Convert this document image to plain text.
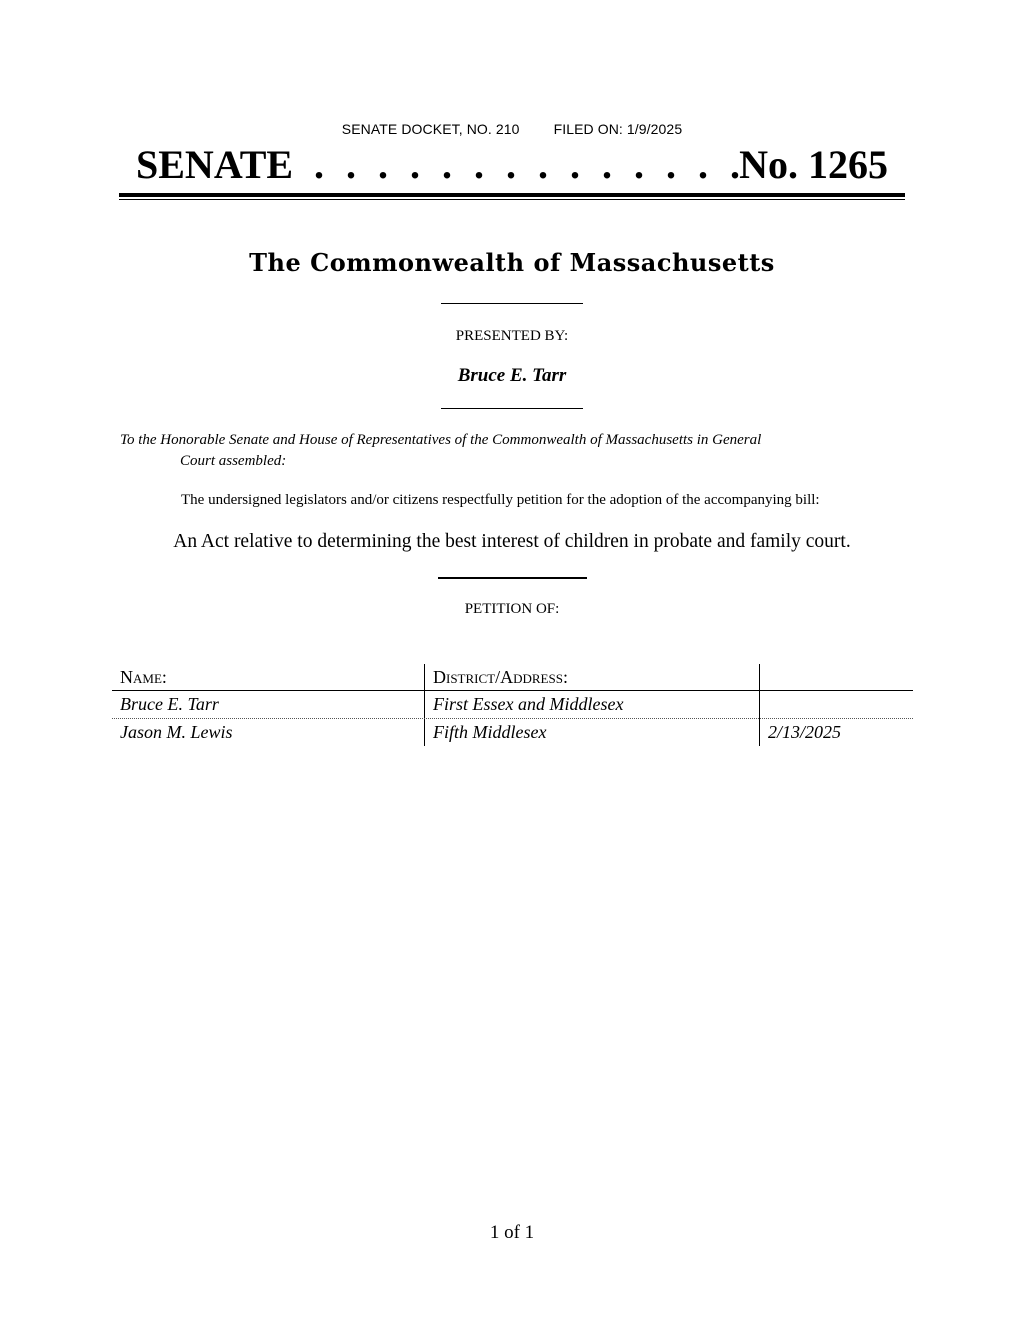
SENATE DOCKET, NO. 210 FILED ON: 1/9/2025
SENATE . . . . . . . . . . . . . .
No. 1265
The Commonwealth of Massachusetts
PRESENTED BY:
Bruce E. Tarr
To the Honorable Senate and House of Representatives of the Commonwealth of Massachusetts in General
Court assembled:
The undersigned legislators and/or citizens respectfully petition for the adoption of the accompanying bill:
An Act relative to determining the best interest of children in probate and family court.
PETITION OF:
Name:	District/Address:
Bruce E. Tarr	First Essex and Middlesex
Jason M. Lewis	Fifth Middlesex	2/13/2025
1 of 1
